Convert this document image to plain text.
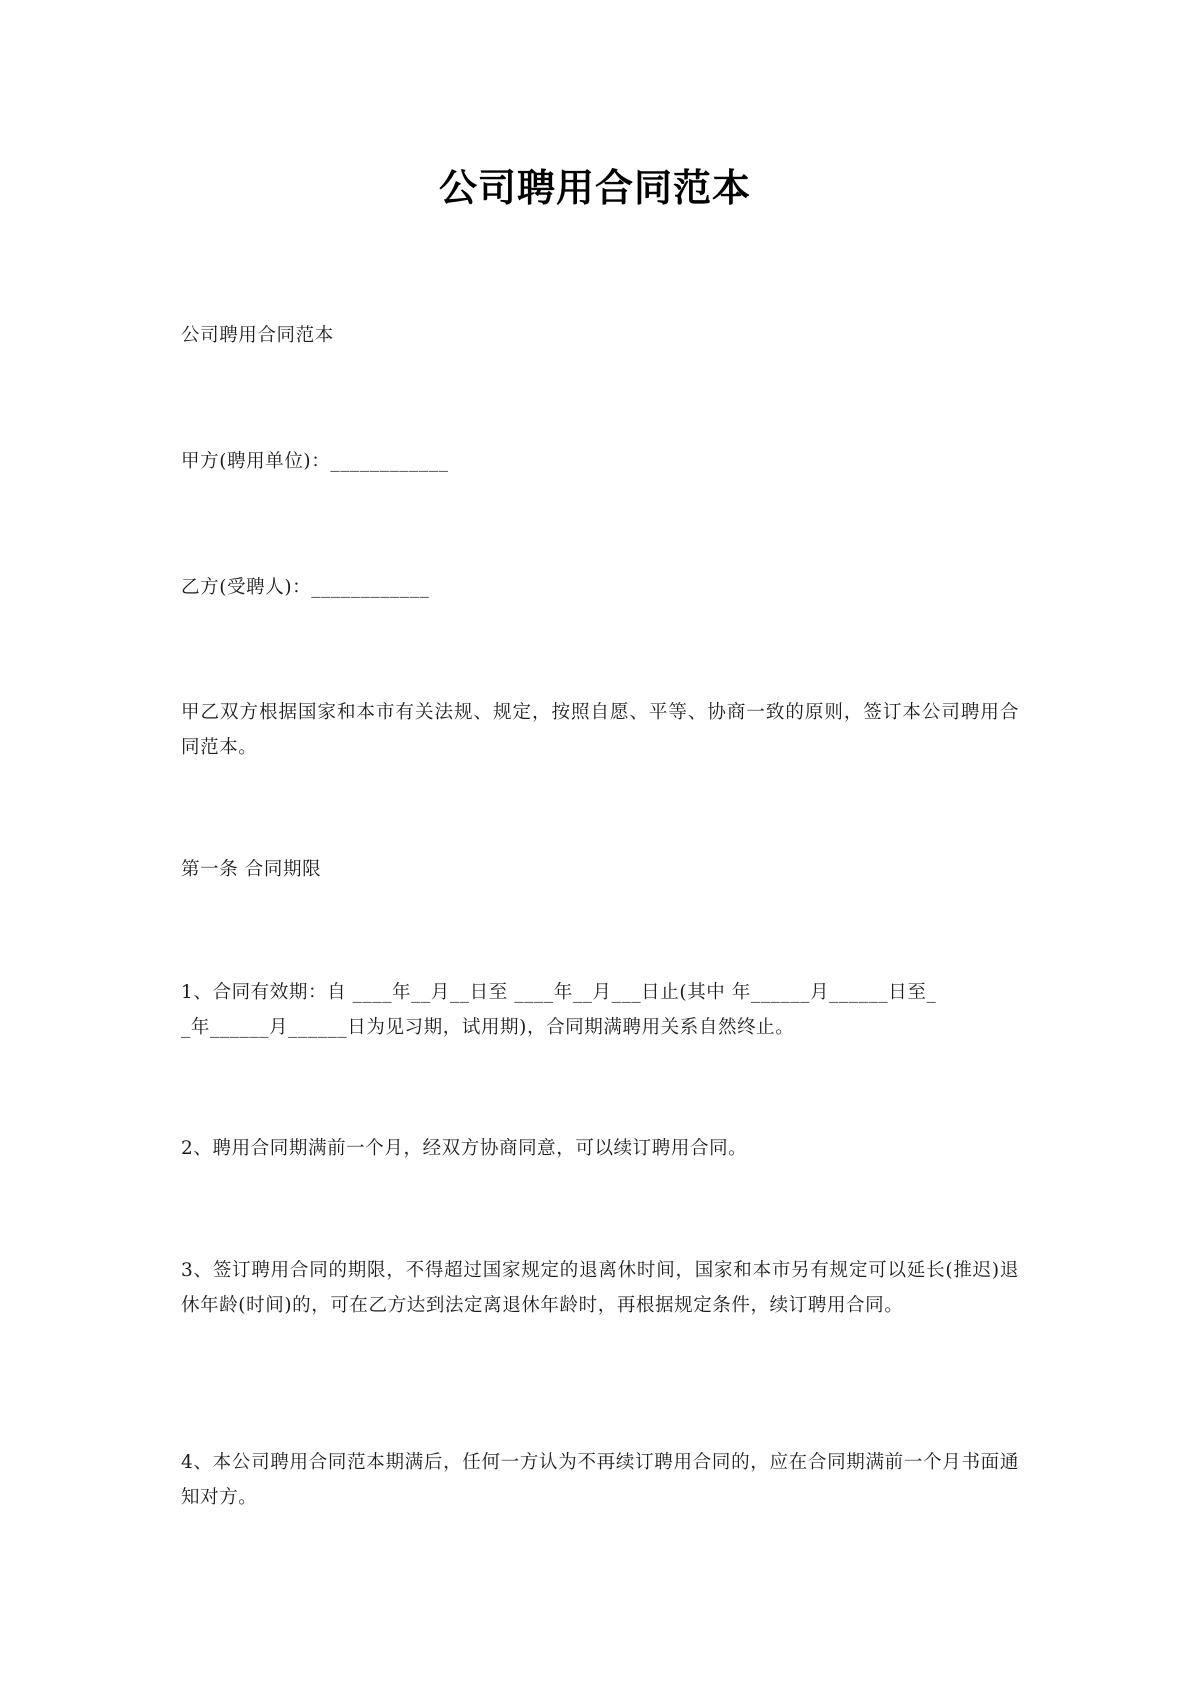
公司聘用合同范本

公司聘用合同范本

甲方(聘用单位)：____________

乙方(受聘人)：____________

甲乙双方根据国家和本市有关法规、规定，按照自愿、平等、协商一致的原则，签订本公司聘用合同范本。

第一条 合同期限

1、合同有效期：自 ____年__月__日至 ____年__月___日止(其中 年______月______日至_

_年______月______日为见习期，试用期)，合同期满聘用关系自然终止。

2、聘用合同期满前一个月，经双方协商同意，可以续订聘用合同。

3、签订聘用合同的期限，不得超过国家规定的退离休时间，国家和本市另有规定可以延长(推迟)退休年龄(时间)的，可在乙方达到法定离退休年龄时，再根据规定条件，续订聘用合同。

4、本公司聘用合同范本期满后，任何一方认为不再续订聘用合同的，应在合同期满前一个月书面通知对方。
